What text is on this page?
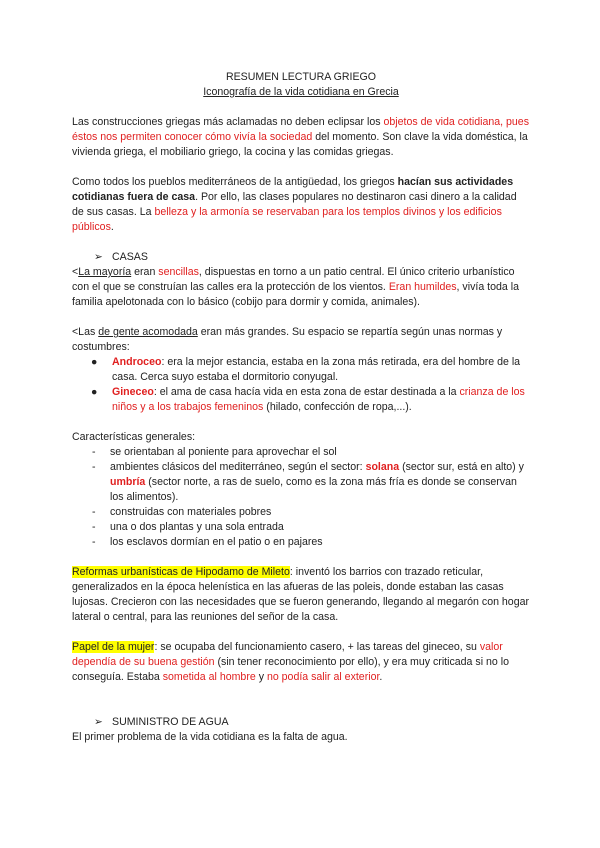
RESUMEN LECTURA GRIEGO

Iconografía de la vida cotidiana en Grecia

Las construcciones griegas más aclamadas no deben eclipsar los objetos de vida cotidiana, pues éstos nos permiten conocer cómo vivía la sociedad del momento. Son clave la vida doméstica, la vivienda griega, el mobiliario griego, la cocina y las comidas griegas.

Como todos los pueblos mediterráneos de la antigüedad, los griegos hacían sus actividades cotidianas fuera de casa. Por ello, las clases populares no destinaron casi dinero a la calidad de sus casas. La belleza y la armonía se reservaban para los templos divinos y los edificios públicos.

➢ CASAS

<La mayoría eran sencillas, dispuestas en torno a un patio central. El único criterio urbanístico con el que se construían las calles era la protección de los vientos. Eran humildes, vivía toda la familia apelotonada con lo básico (cobijo para dormir y comida, animales).

<Las de gente acomodada eran más grandes. Su espacio se repartía según unas normas y costumbres:

● Androceo: era la mejor estancia, estaba en la zona más retirada, era del hombre de la casa. Cerca suyo estaba el dormitorio conyugal.
● Gineceo: el ama de casa hacía vida en esta zona de estar destinada a la crianza de los niños y a los trabajos femeninos (hilado, confección de ropa,...).

Características generales:

- se orientaban al poniente para aprovechar el sol
- ambientes clásicos del mediterráneo, según el sector: solana (sector sur, está en alto) y umbría (sector norte, a ras de suelo, como es la zona más fría es donde se conservan los alimentos).
- construidas con materiales pobres
- una o dos plantas y una sola entrada
- los esclavos dormían en el patio o en pajares

Reformas urbanísticas de Hipodamo de Mileto: inventó los barrios con trazado reticular, generalizados en la época helenística en las afueras de las poleis, donde estaban las casas lujosas. Crecieron con las necesidades que se fueron generando, llegando al megarón con hogar lateral o central, para las reuniones del señor de la casa.

Papel de la mujer: se ocupaba del funcionamiento casero, + las tareas del gineceo, su valor dependía de su buena gestión (sin tener reconocimiento por ello), y era muy criticada si no lo conseguía. Estaba sometida al hombre y no podía salir al exterior.

➢ SUMINISTRO DE AGUA

El primer problema de la vida cotidiana es la falta de agua.
